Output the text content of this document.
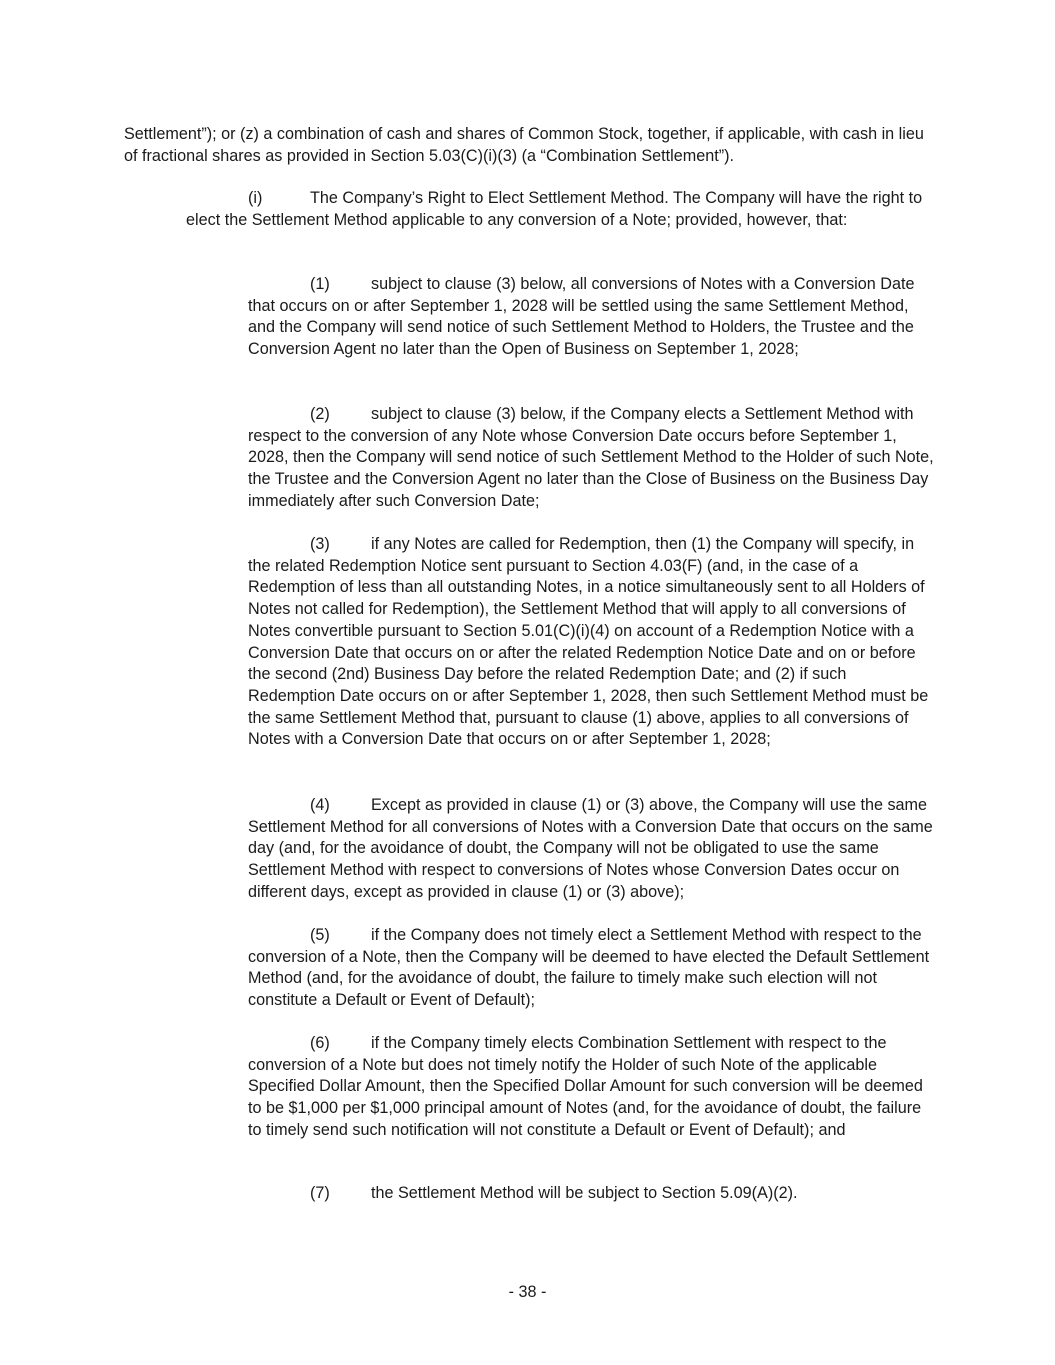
Settlement”); or (z) a combination of cash and shares of Common Stock, together, if applicable, with cash in lieu of fractional shares as provided in Section 5.03(C)(i)(3) (a “Combination Settlement”).

(i)	The Company’s Right to Elect Settlement Method. The Company will have the right to elect the Settlement Method applicable to any conversion of a Note; provided, however, that:

(1)	subject to clause (3) below, all conversions of Notes with a Conversion Date that occurs on or after September 1, 2028 will be settled using the same Settlement Method, and the Company will send notice of such Settlement Method to Holders, the Trustee and the Conversion Agent no later than the Open of Business on September 1, 2028;

(2)	subject to clause (3) below, if the Company elects a Settlement Method with respect to the conversion of any Note whose Conversion Date occurs before September 1, 2028, then the Company will send notice of such Settlement Method to the Holder of such Note, the Trustee and the Conversion Agent no later than the Close of Business on the Business Day immediately after such Conversion Date;

(3)	if any Notes are called for Redemption, then (1) the Company will specify, in the related Redemption Notice sent pursuant to Section 4.03(F) (and, in the case of a Redemption of less than all outstanding Notes, in a notice simultaneously sent to all Holders of Notes not called for Redemption), the Settlement Method that will apply to all conversions of Notes convertible pursuant to Section 5.01(C)(i)(4) on account of a Redemption Notice with a Conversion Date that occurs on or after the related Redemption Notice Date and on or before the second (2nd) Business Day before the related Redemption Date; and (2) if such Redemption Date occurs on or after September 1, 2028, then such Settlement Method must be the same Settlement Method that, pursuant to clause (1) above, applies to all conversions of Notes with a Conversion Date that occurs on or after September 1, 2028;

(4)	Except as provided in clause (1) or (3) above, the Company will use the same Settlement Method for all conversions of Notes with a Conversion Date that occurs on the same day (and, for the avoidance of doubt, the Company will not be obligated to use the same Settlement Method with respect to conversions of Notes whose Conversion Dates occur on different days, except as provided in clause (1) or (3) above);

(5)	if the Company does not timely elect a Settlement Method with respect to the conversion of a Note, then the Company will be deemed to have elected the Default Settlement Method (and, for the avoidance of doubt, the failure to timely make such election will not constitute a Default or Event of Default);

(6)	if the Company timely elects Combination Settlement with respect to the conversion of a Note but does not timely notify the Holder of such Note of the applicable Specified Dollar Amount, then the Specified Dollar Amount for such conversion will be deemed to be $1,000 per $1,000 principal amount of Notes (and, for the avoidance of doubt, the failure to timely send such notification will not constitute a Default or Event of Default); and

(7)	the Settlement Method will be subject to Section 5.09(A)(2).

- 38 -
